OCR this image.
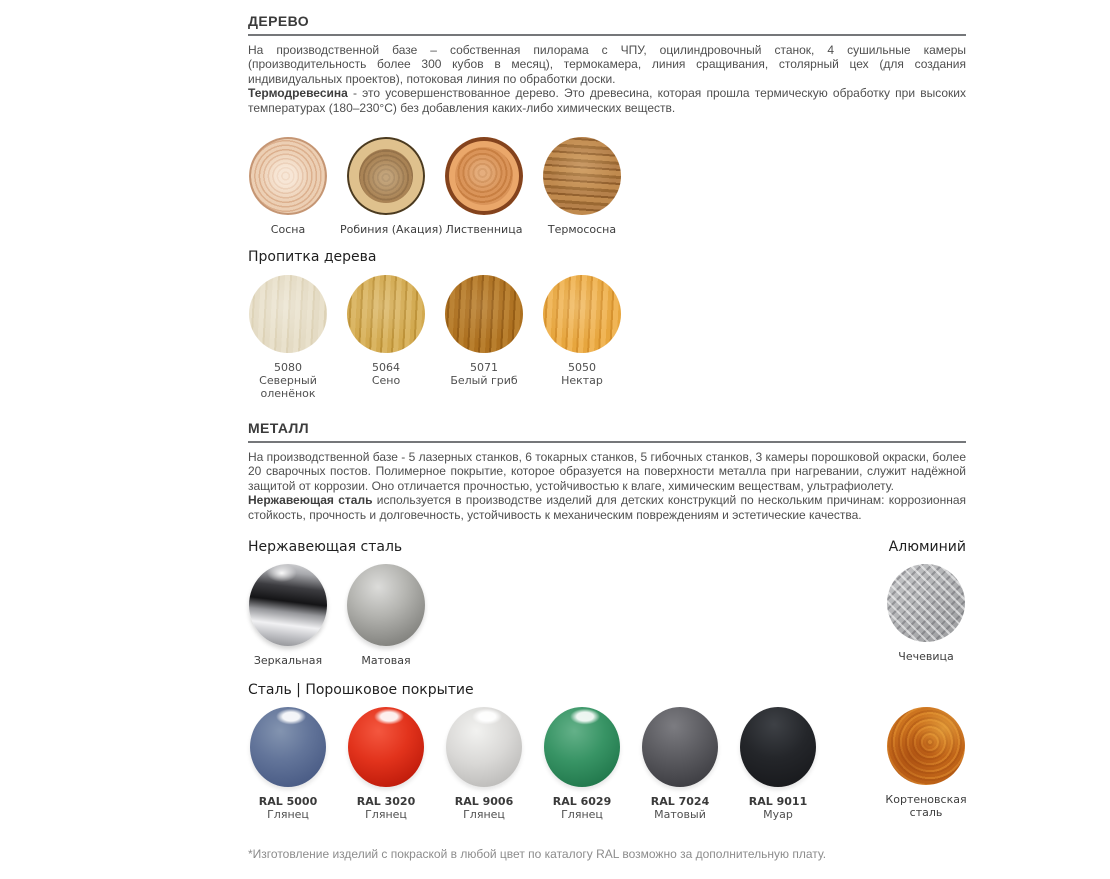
ДЕРЕВО

На производственной базе – собственная пилорама с ЧПУ, оцилиндровочный станок, 4 сушильные камеры (производительность более 300 кубов в месяц), термокамера, линия сращивания, столярный цех (для создания индивидуальных проектов), потоковая линия по обработки доски.

Термодревесина - это усовершенствованное дерево. Это древесина, которая прошла термическую обработку при высоких температурах (180–230°С) без добавления каких-либо химических веществ.

Сосна	Робиния (Акация) Лиственница	Термососна
Пропитка дерева
5080
Северный оленёнок
5064
Сено
5071
Белый гриб
5050
Нектар
МЕТАЛЛ

На производственной базе - 5 лазерных станков, 6 токарных станков, 5 гибочных станков, 3 камеры порошковой окраски, более 20 сварочных постов. Полимерное покрытие, которое образуется на поверхности металла при нагревании, служит надёжной защитой от коррозии. Оно отличается прочностью, устойчивостью к влаге, химическим веществам, ультрафиолету.

Нержавеющая сталь используется в производстве изделий для детских конструкций по нескольким причинам: коррозионная стойкость, прочность и долговечность, устойчивость к механическим повреждениям и эстетические качества.

Нержавеющая сталь	Алюминий
Зеркальная	Матовая	Чечевица
Сталь | Порошковое покрытие
RAL 5000
Глянец
RAL 3020
Глянец
RAL 9006
Глянец
RAL 6029
Глянец
RAL 7024
Матовый
RAL 9011
Муар
Кортеновская сталь
*Изготовление изделий с покраской в любой цвет по каталогу RAL возможно за дополнительную плату.
